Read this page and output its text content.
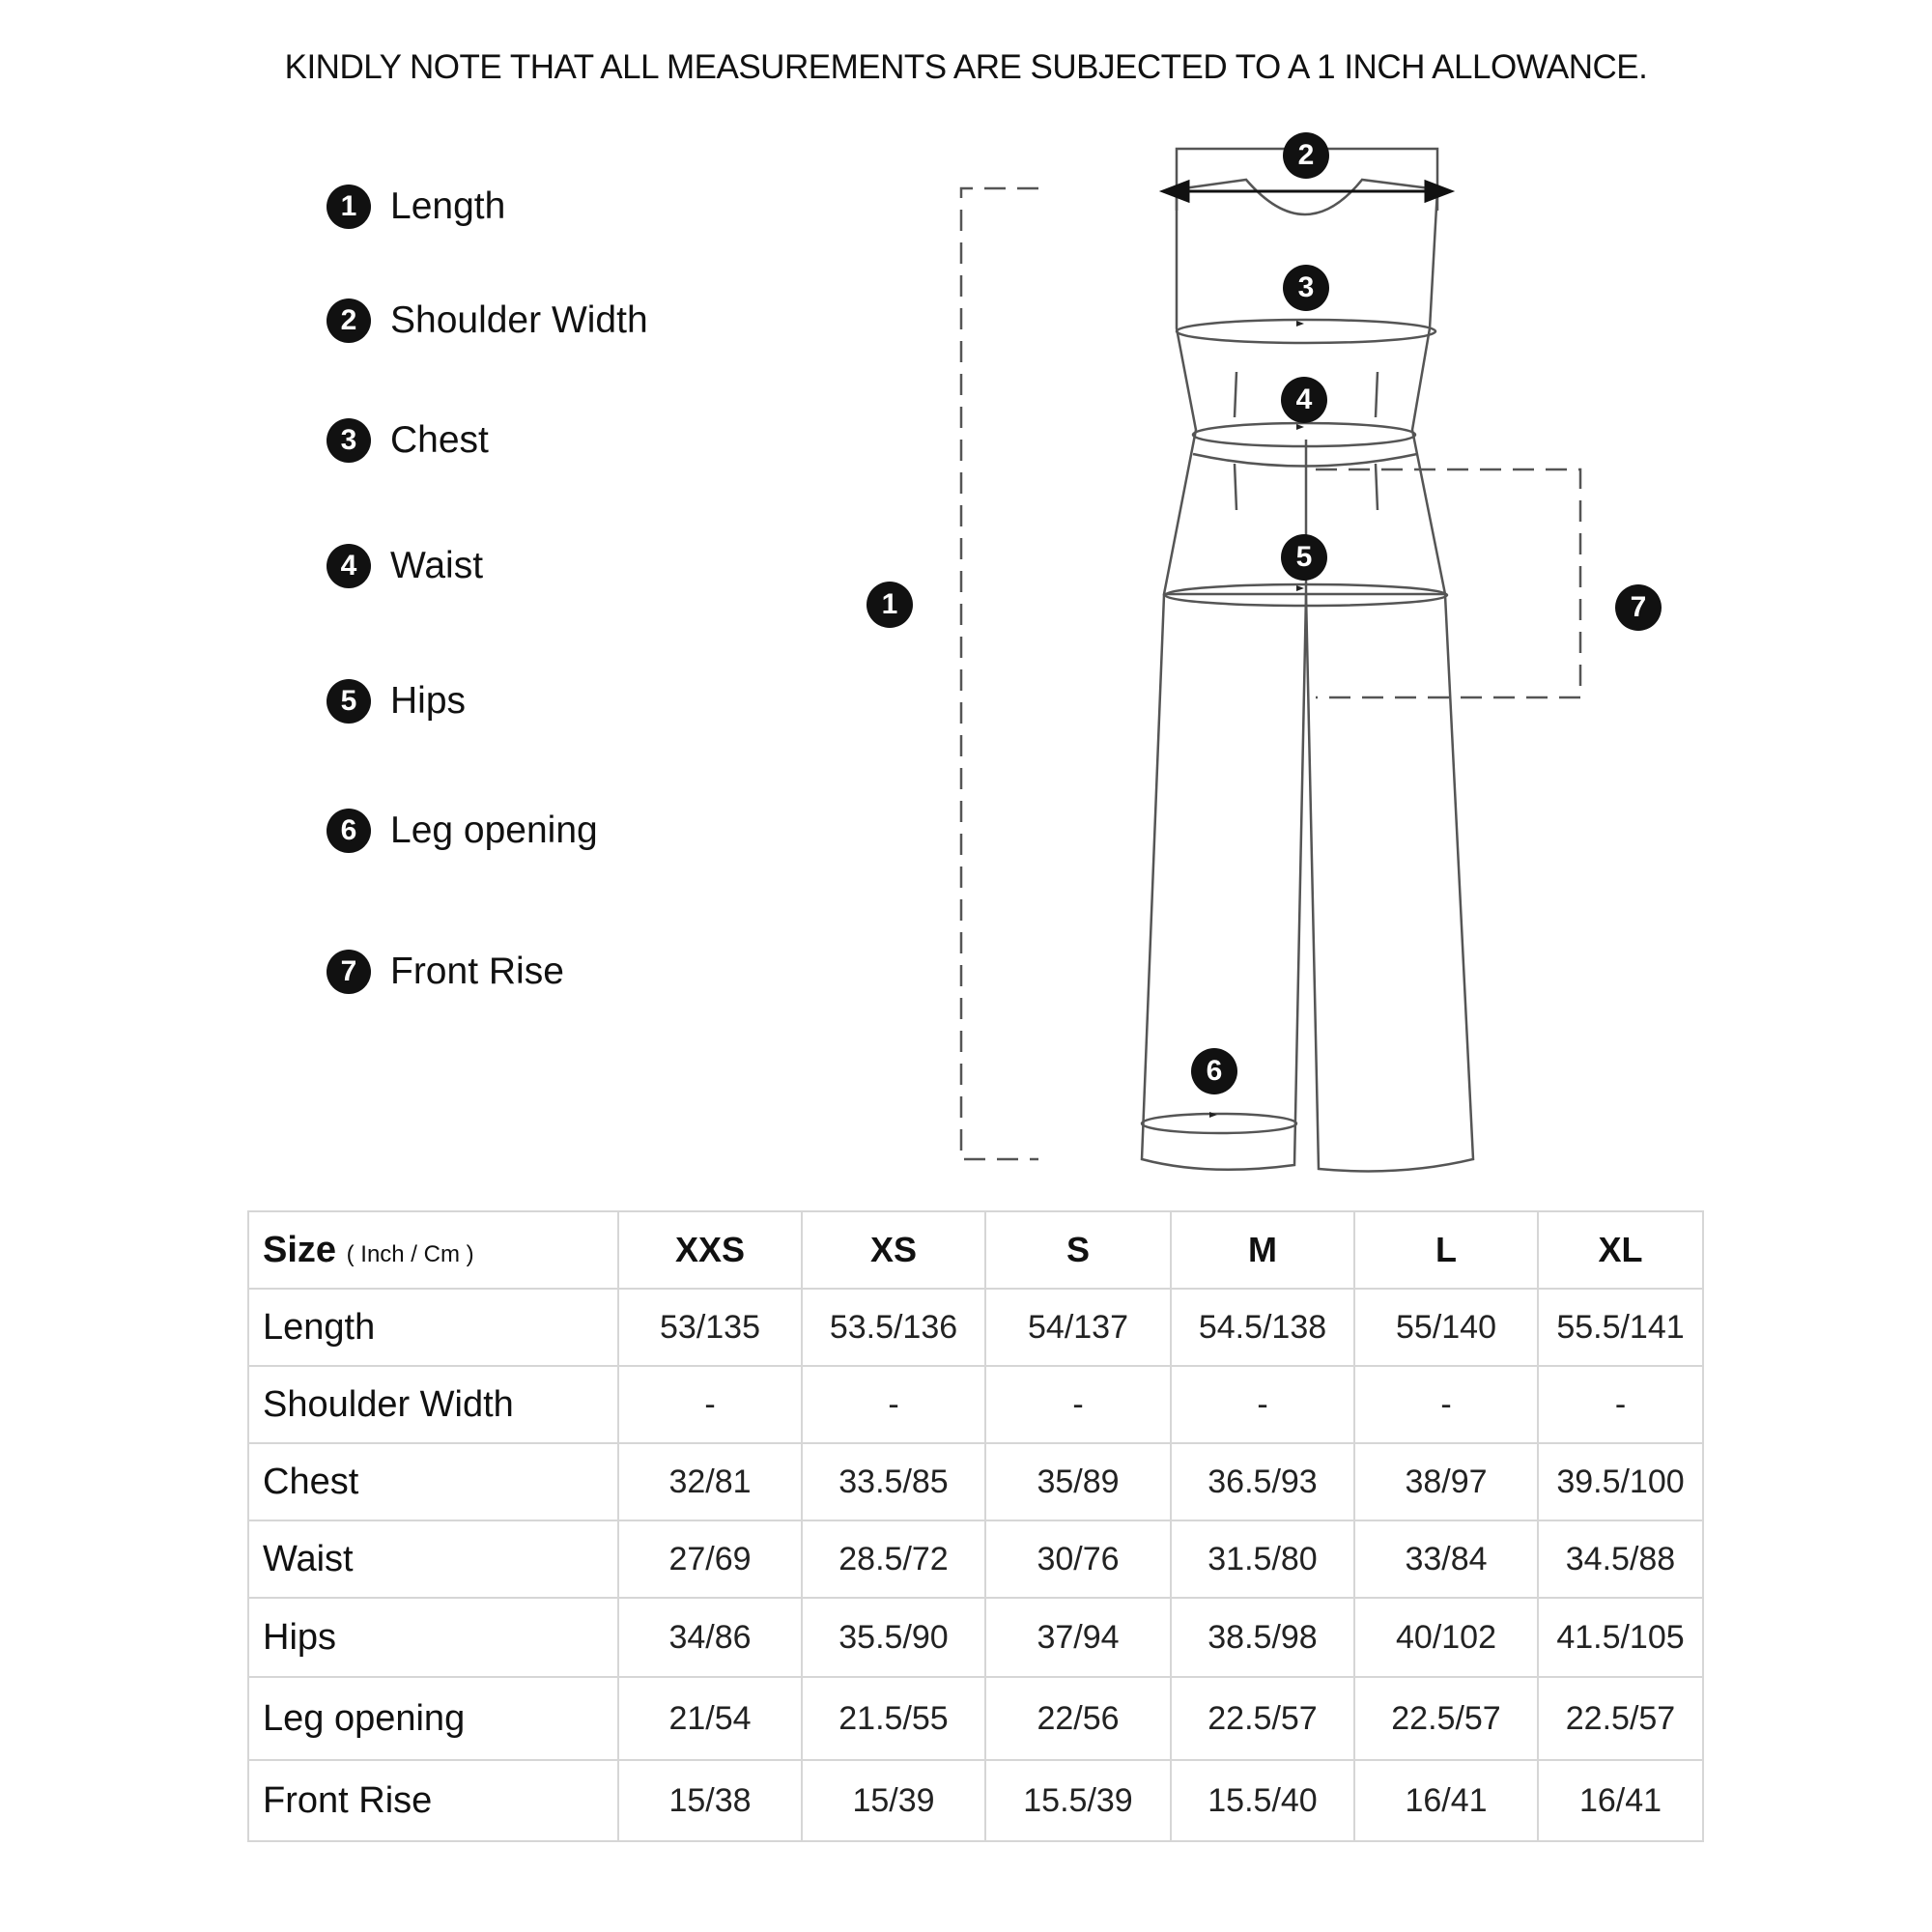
KINDLY NOTE THAT ALL MEASUREMENTS ARE SUBJECTED TO A 1 INCH ALLOWANCE.
1 Length
2 Shoulder Width
3 Chest
4 Waist
5 Hips
6 Leg opening
7 Front Rise
1
2
3
4
5
6
7
Size ( Inch / Cm )	XXS	XS	S	M	L	XL
Length	53/135	53.5/136	54/137	54.5/138	55/140	55.5/141
Shoulder Width	-	-	-	-	-	-
Chest	32/81	33.5/85	35/89	36.5/93	38/97	39.5/100
Waist	27/69	28.5/72	30/76	31.5/80	33/84	34.5/88
Hips	34/86	35.5/90	37/94	38.5/98	40/102	41.5/105
Leg opening	21/54	21.5/55	22/56	22.5/57	22.5/57	22.5/57
Front Rise	15/38	15/39	15.5/39	15.5/40	16/41	16/41
